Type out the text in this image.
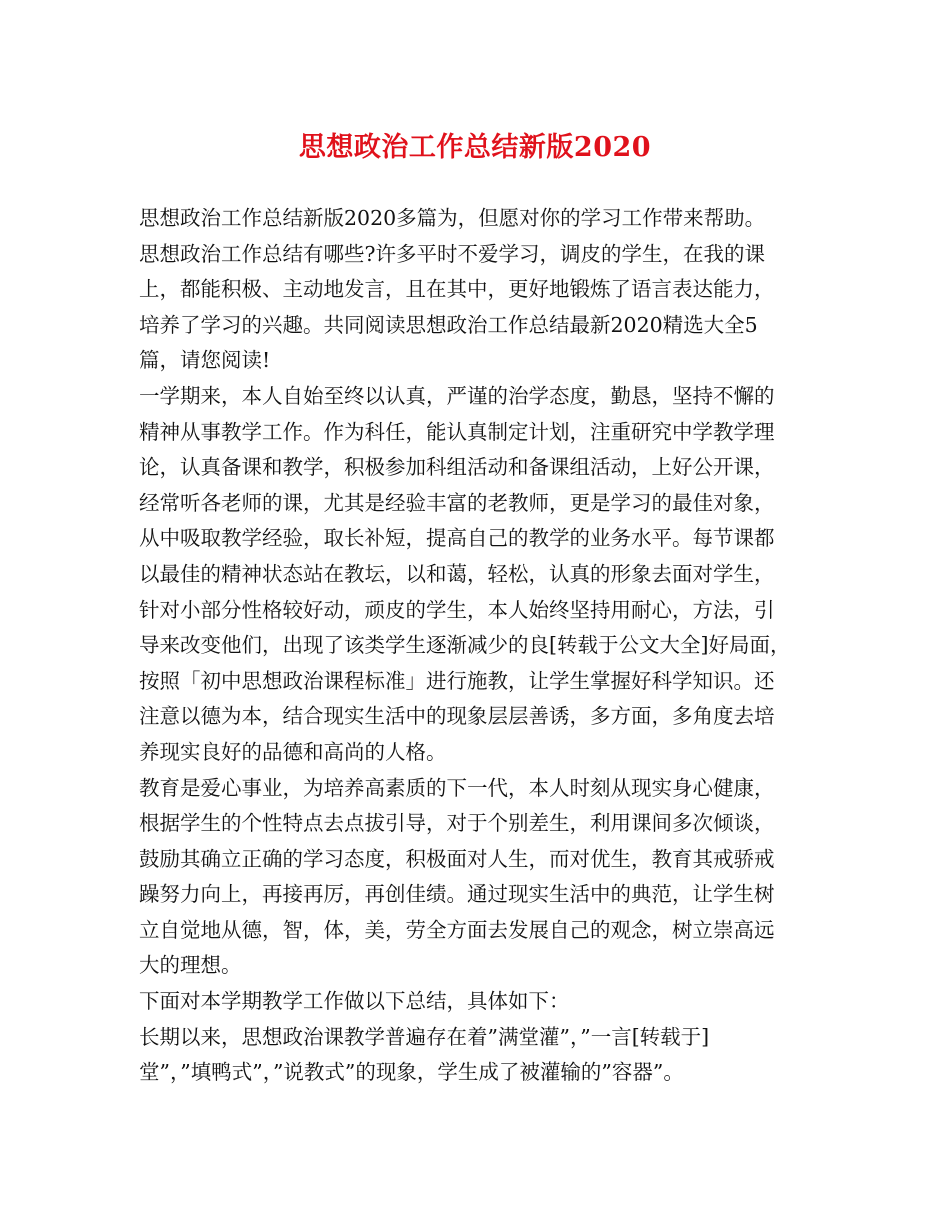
思想政治工作总结新版2020
思想政治工作总结新版2020多篇为，但愿对你的学习工作带来帮助。
思想政治工作总结有哪些?许多平时不爱学习，调皮的学生，在我的课
上，都能积极、主动地发言，且在其中，更好地锻炼了语言表达能力，
培养了学习的兴趣。共同阅读思想政治工作总结最新2020精选大全5
篇，请您阅读!
一学期来，本人自始至终以认真，严谨的治学态度，勤恳，坚持不懈的
精神从事教学工作。作为科任，能认真制定计划，注重研究中学教学理
论，认真备课和教学，积极参加科组活动和备课组活动，上好公开课，
经常听各老师的课，尤其是经验丰富的老教师，更是学习的最佳对象，
从中吸取教学经验，取长补短，提高自己的教学的业务水平。每节课都
以最佳的精神状态站在教坛，以和蔼，轻松，认真的形象去面对学生，
针对小部分性格较好动，顽皮的学生，本人始终坚持用耐心，方法，引
导来改变他们，出现了该类学生逐渐减少的良[转载于公文大全]好局面，
按照「初中思想政治课程标准」进行施教，让学生掌握好科学知识。还
注意以德为本，结合现实生活中的现象层层善诱，多方面，多角度去培
养现实良好的品德和高尚的人格。
教育是爱心事业，为培养高素质的下一代，本人时刻从现实身心健康，
根据学生的个性特点去点拔引导，对于个别差生，利用课间多次倾谈，
鼓励其确立正确的学习态度，积极面对人生，而对优生，教育其戒骄戒
躁努力向上，再接再厉，再创佳绩。通过现实生活中的典范，让学生树
立自觉地从德，智，体，美，劳全方面去发展自己的观念，树立崇高远
大的理想。
下面对本学期教学工作做以下总结，具体如下：
长期以来，思想政治课教学普遍存在着”满堂灌”，”一言[转载于]
堂”，”填鸭式”，”说教式”的现象，学生成了被灌输的”容器”。
